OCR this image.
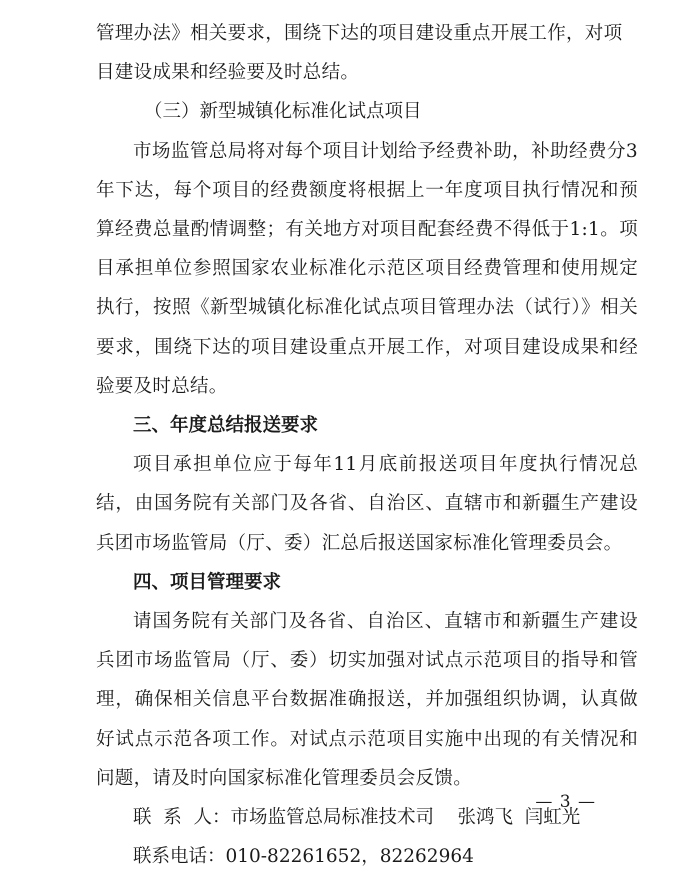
管理办法》相关要求，围绕下达的项目建设重点开展工作，对项

目建设成果和经验要及时总结。

（三）新型城镇化标准化试点项目

市场监管总局将对每个项目计划给予经费补助，补助经费分3年下达，每个项目的经费额度将根据上一年度项目执行情况和预算经费总量酌情调整；有关地方对项目配套经费不得低于1:1。项目承担单位参照国家农业标准化示范区项目经费管理和使用规定执行，按照《新型城镇化标准化试点项目管理办法（试行）》相关要求，围绕下达的项目建设重点开展工作，对项目建设成果和经验要及时总结。

三、年度总结报送要求

项目承担单位应于每年11月底前报送项目年度执行情况总结，由国务院有关部门及各省、自治区、直辖市和新疆生产建设兵团市场监管局（厅、委）汇总后报送国家标准化管理委员会。

四、项目管理要求

请国务院有关部门及各省、自治区、直辖市和新疆生产建设兵团市场监管局（厅、委）切实加强对试点示范项目的指导和管理，确保相关信息平台数据准确报送，并加强组织协调，认真做好试点示范各项工作。对试点示范项目实施中出现的有关情况和问题，请及时向国家标准化管理委员会反馈。

联  系  人：市场监管总局标准技术司    张鸿飞  闫虹光

联系电话：010-82261652，82262964

— 3 —
